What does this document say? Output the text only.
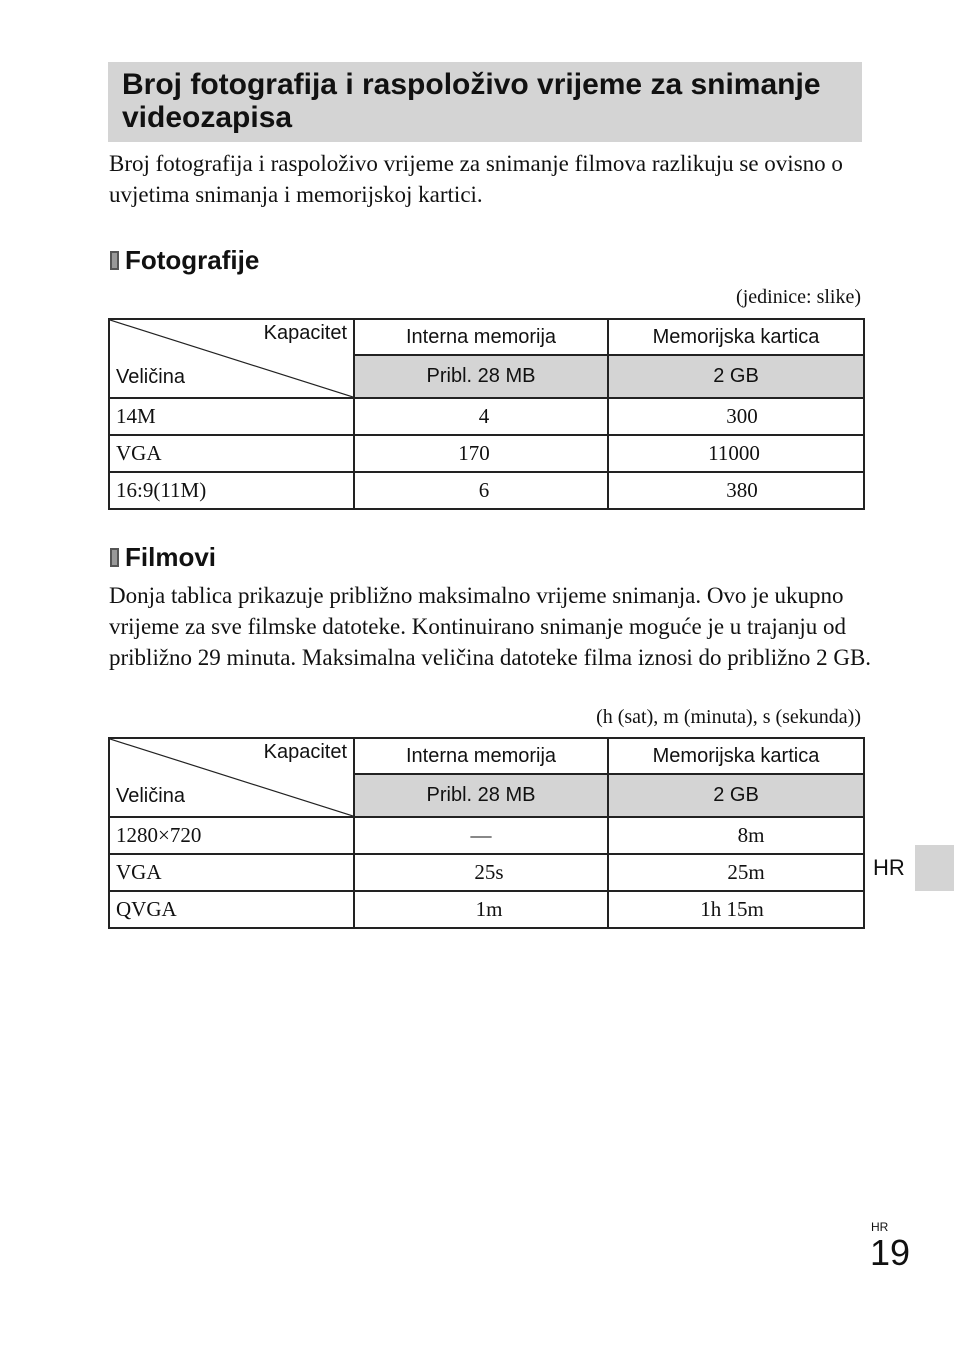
Broj fotografija i raspoloživo vrijeme za snimanje videozapisa

Broj fotografija i raspoloživo vrijeme za snimanje filmova razlikuju se ovisno o uvjetima snimanja i memorijskoj kartici.

Fotografije
(jedinice: slike)
Kapacitet
Veličina	Interna memorija	Memorijska kartica
	Pribl. 28 MB	2 GB
14M	4	300
VGA	170	11000
16:9(11M)	6	380
Filmovi

Donja tablica prikazuje približno maksimalno vrijeme snimanja. Ovo je ukupno vrijeme za sve filmske datoteke. Kontinuirano snimanje moguće je u trajanju od približno 29 minuta. Maksimalna veličina datoteke filma iznosi do približno 2 GB.

(h (sat), m (minuta), s (sekunda))
Kapacitet
Veličina	Interna memorija	Memorijska kartica
	Pribl. 28 MB	2 GB
1280×720	—	8m
VGA	25s	25m
QVGA	1m	1h 15m
HR
HR
19
